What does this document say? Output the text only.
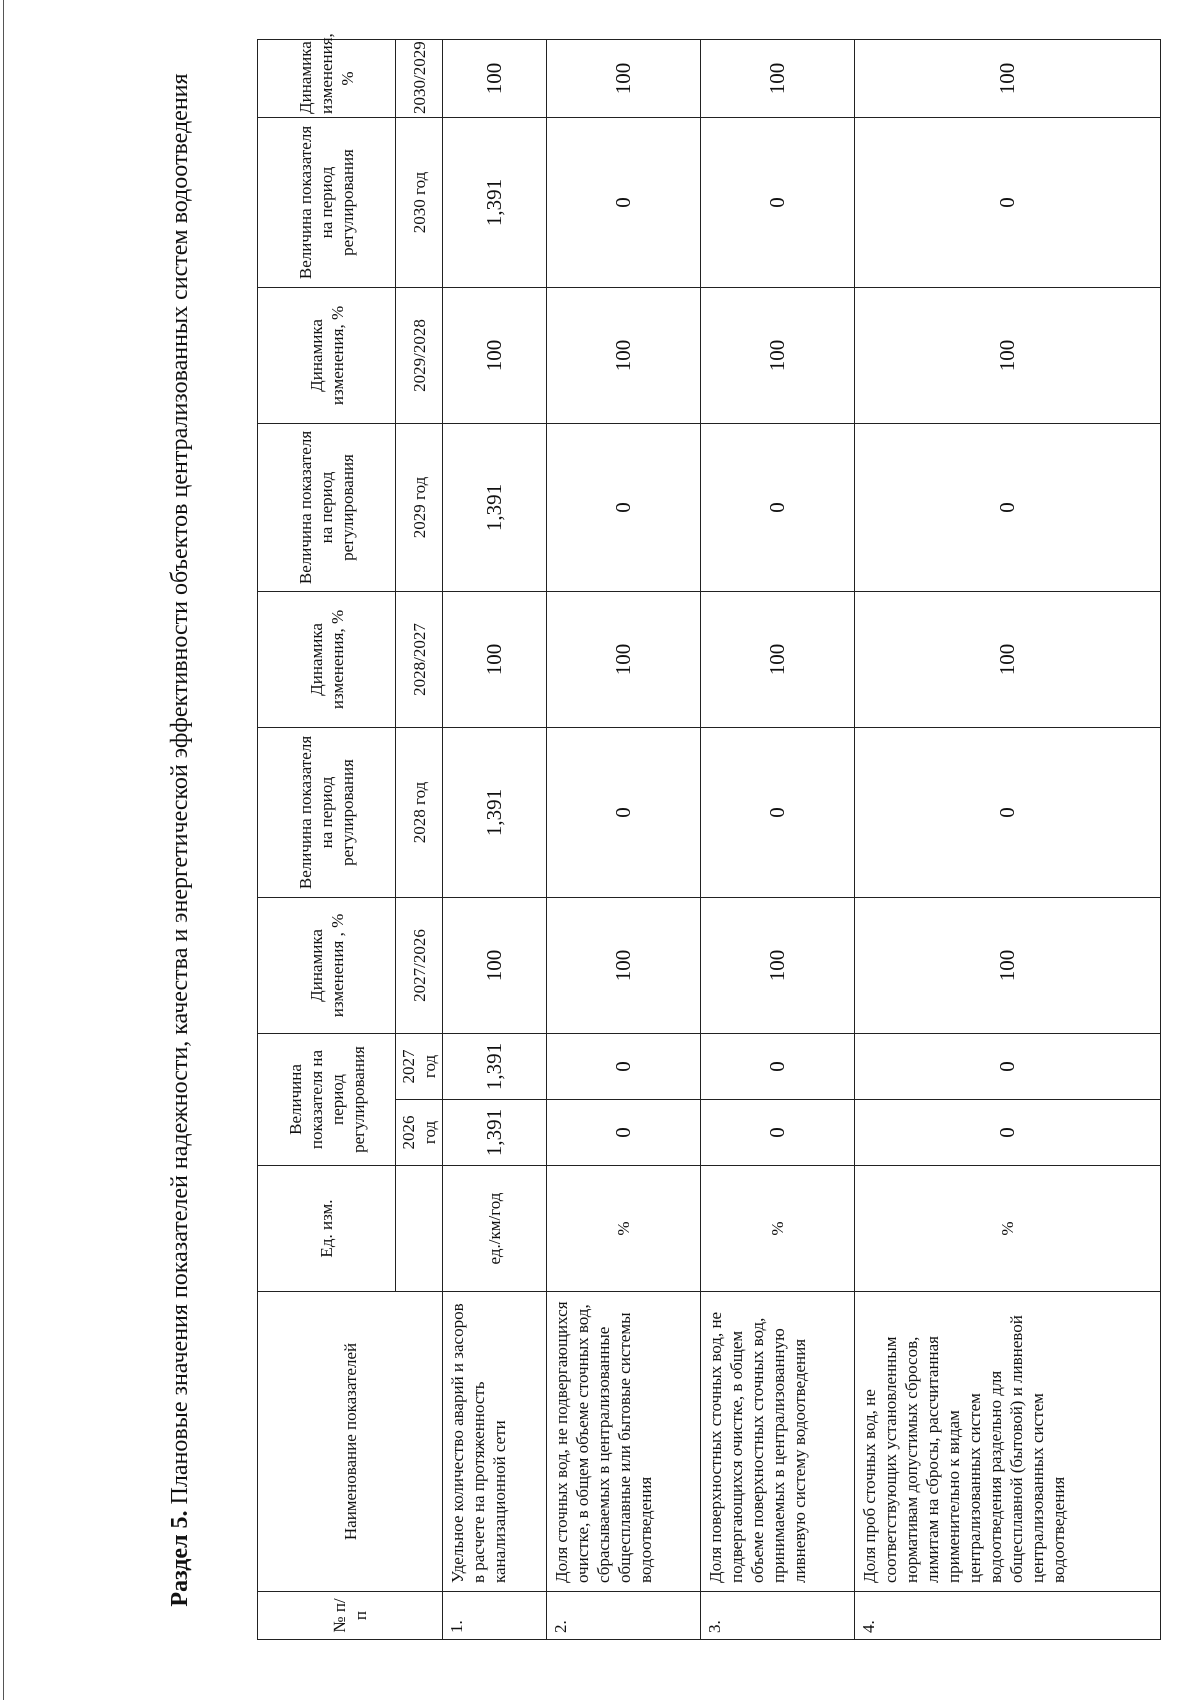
Раздел 5. Плановые значения показателей надежности, качества и энергетической эффективности объектов централизованных систем водоотведения
№ п/п	Наименование показателей	Ед. изм.	Величина показателя на период регулирования		Динамика изменения , %	Величина показателя на период регулирования	Динамика изменения, %	Величина показателя на период регулирования	Динамика изменения, %	Величина показателя на период регулирования	Динамика изменения, %
			2026 год	2027 год	2027/2026	2028 год	2028/2027	2029 год	2029/2028	2030 год	2030/2029
1.	Удельное количество аварий и засоров в расчете на протяженность канализационной сети	ед./км/год	1,391	1,391	100	1,391	100	1,391	100	1,391	100
2.	Доля сточных вод, не подвергающихся очистке, в общем объеме сточных вод, сбрасываемых в централизованные общесплавные или бытовые системы водоотведения	%	0	0	100	0	100	0	100	0	100
3.	Доля поверхностных сточных вод, не подвергающихся очистке, в общем объеме поверхностных сточных вод, принимаемых в централизованную ливневую систему водоотведения	%	0	0	100	0	100	0	100	0	100
4.	Доля проб сточных вод, не соответствующих установленным нормативам допустимых сбросов, лимитам на сбросы, рассчитанная применительно к видам централизованных систем водоотведения раздельно для общесплавной (бытовой) и ливневой централизованных систем водоотведения	%	0	0	100	0	100	0	100	0	100
